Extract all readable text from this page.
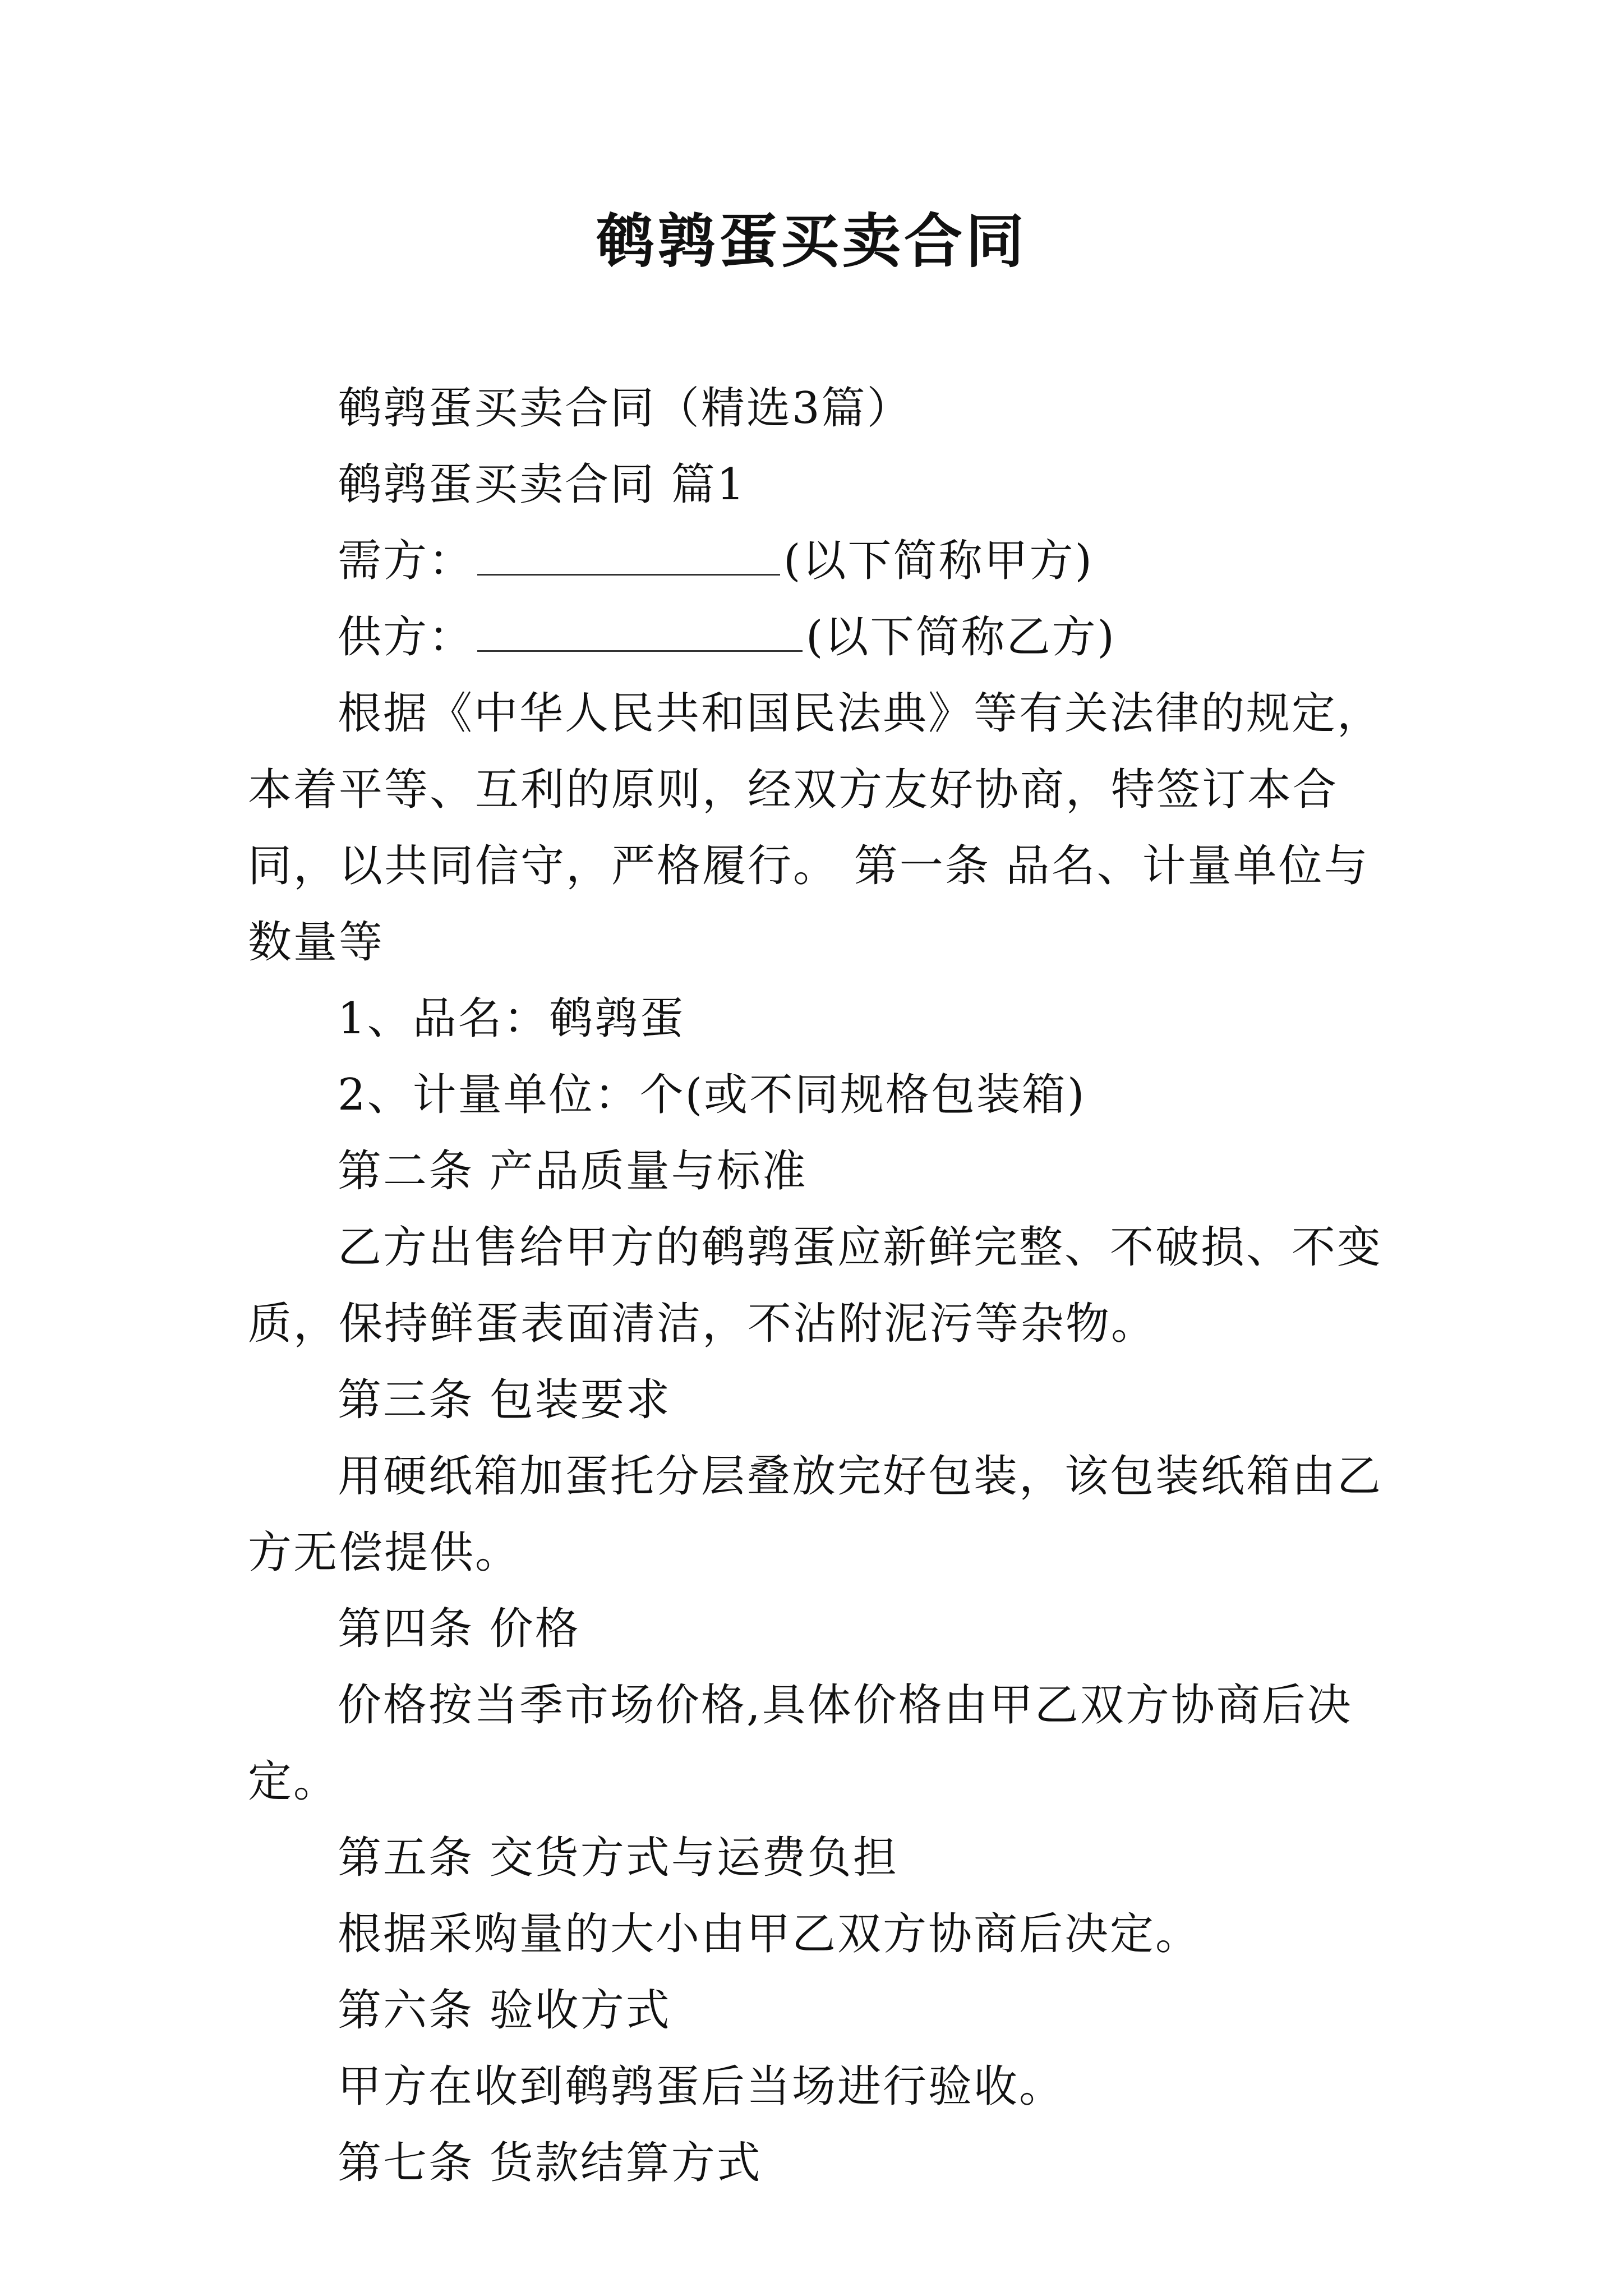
鹌鹑蛋买卖合同

鹌鹑蛋买卖合同（精选3篇）

鹌鹑蛋买卖合同 篇1

需方：	(以下简称甲方)

供方：	(以下简称乙方)

根据《中华人民共和国民法典》等有关法律的规定，本着平等、互利的原则，经双方友好协商，特签订本合同，以共同信守，严格履行。 第一条 品名、计量单位与数量等

1、品名：鹌鹑蛋

2、计量单位：个(或不同规格包装箱)

第二条 产品质量与标准

乙方出售给甲方的鹌鹑蛋应新鲜完整、不破损、不变质，保持鲜蛋表面清洁，不沾附泥污等杂物。

第三条 包装要求

用硬纸箱加蛋托分层叠放完好包装，该包装纸箱由乙方无偿提供。

第四条 价格

价格按当季市场价格,具体价格由甲乙双方协商后决定。

第五条 交货方式与运费负担

根据采购量的大小由甲乙双方协商后决定。

第六条 验收方式

甲方在收到鹌鹑蛋后当场进行验收。

第七条 货款结算方式
